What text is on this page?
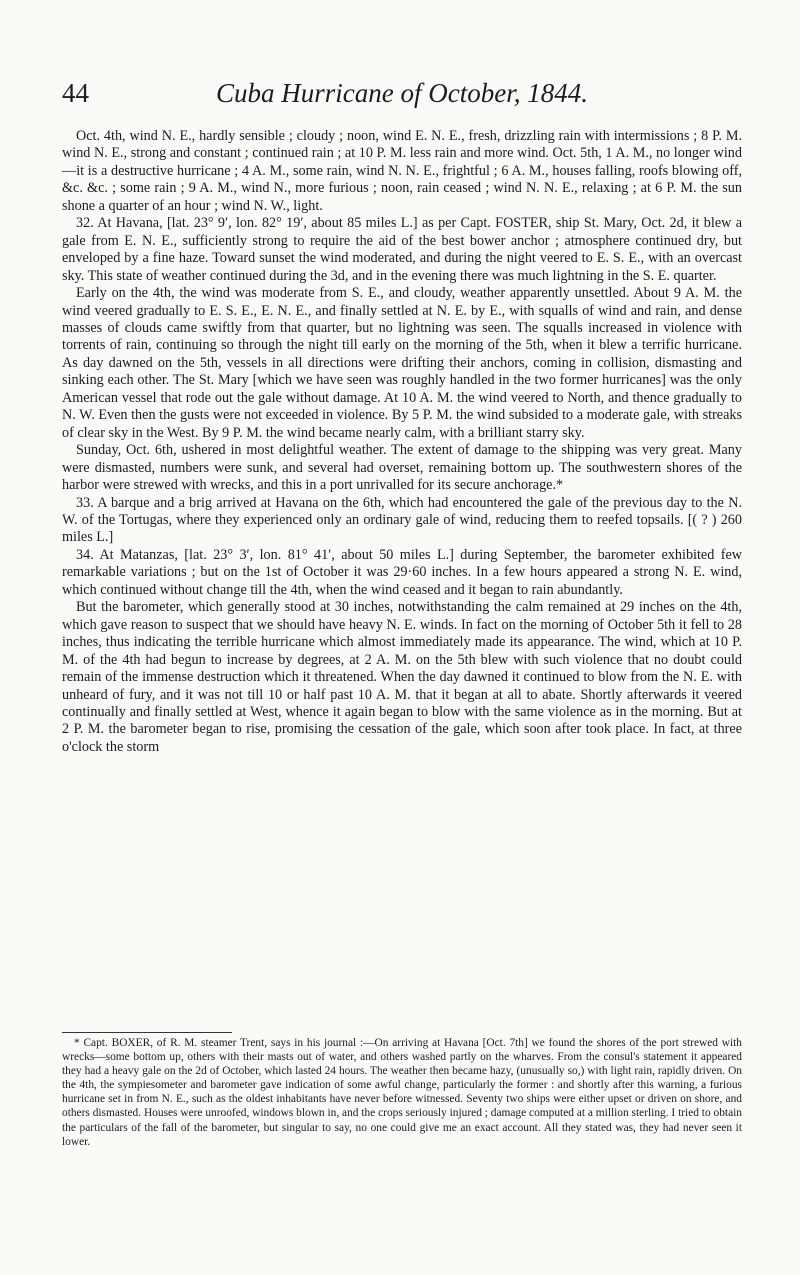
44	Cuba Hurricane of October, 1844.

Oct. 4th, wind N. E., hardly sensible ; cloudy ; noon, wind E. N. E., fresh, drizzling rain with intermissions ; 8 P. M. wind N. E., strong and constant ; continued rain ; at 10 P. M. less rain and more wind. Oct. 5th, 1 A. M., no longer wind—it is a destructive hurricane ; 4 A. M., some rain, wind N. N. E., frightful ; 6 A. M., houses falling, roofs blowing off, &c. &c. ; some rain ; 9 A. M., wind N., more furious ; noon, rain ceased ; wind N. N. E., relaxing ; at 6 P. M. the sun shone a quarter of an hour ; wind N. W., light.

32. At Havana, [lat. 23° 9′, lon. 82° 19′, about 85 miles L.] as per Capt. FOSTER, ship St. Mary, Oct. 2d, it blew a gale from E. N. E., sufficiently strong to require the aid of the best bower anchor ; atmosphere continued dry, but enveloped by a fine haze. Toward sunset the wind moderated, and during the night veered to E. S. E., with an overcast sky. This state of weather continued during the 3d, and in the evening there was much lightning in the S. E. quarter.

Early on the 4th, the wind was moderate from S. E., and cloudy, weather apparently unsettled. About 9 A. M. the wind veered gradually to E. S. E., E. N. E., and finally settled at N. E. by E., with squalls of wind and rain, and dense masses of clouds came swiftly from that quarter, but no lightning was seen. The squalls increased in violence with torrents of rain, continuing so through the night till early on the morning of the 5th, when it blew a terrific hurricane. As day dawned on the 5th, vessels in all directions were drifting their anchors, coming in collision, dismasting and sinking each other. The St. Mary [which we have seen was roughly handled in the two former hurricanes] was the only American vessel that rode out the gale without damage. At 10 A. M. the wind veered to North, and thence gradually to N. W. Even then the gusts were not exceeded in violence. By 5 P. M. the wind subsided to a moderate gale, with streaks of clear sky in the West. By 9 P. M. the wind became nearly calm, with a brilliant starry sky.

Sunday, Oct. 6th, ushered in most delightful weather. The extent of damage to the shipping was very great. Many were dismasted, numbers were sunk, and several had overset, remaining bottom up. The southwestern shores of the harbor were strewed with wrecks, and this in a port unrivalled for its secure anchorage.*

33. A barque and a brig arrived at Havana on the 6th, which had encountered the gale of the previous day to the N. W. of the Tortugas, where they experienced only an ordinary gale of wind, reducing them to reefed topsails. [( ? ) 260 miles L.]

34. At Matanzas, [lat. 23° 3′, lon. 81° 41′, about 50 miles L.] during September, the barometer exhibited few remarkable variations ; but on the 1st of October it was 29·60 inches. In a few hours appeared a strong N. E. wind, which continued without change till the 4th, when the wind ceased and it began to rain abundantly.

But the barometer, which generally stood at 30 inches, notwithstanding the calm remained at 29 inches on the 4th, which gave reason to suspect that we should have heavy N. E. winds. In fact on the morning of October 5th it fell to 28 inches, thus indicating the terrible hurricane which almost immediately made its appearance. The wind, which at 10 P. M. of the 4th had begun to increase by degrees, at 2 A. M. on the 5th blew with such violence that no doubt could remain of the immense destruction which it threatened. When the day dawned it continued to blow from the N. E. with unheard of fury, and it was not till 10 or half past 10 A. M. that it began at all to abate. Shortly afterwards it veered continually and finally settled at West, whence it again began to blow with the same violence as in the morning. But at 2 P. M. the barometer began to rise, promising the cessation of the gale, which soon after took place. In fact, at three o'clock the storm

* Capt. BOXER, of R. M. steamer Trent, says in his journal :—On arriving at Havana [Oct. 7th] we found the shores of the port strewed with wrecks—some bottom up, others with their masts out of water, and others washed partly on the wharves. From the consul's statement it appeared they had a heavy gale on the 2d of October, which lasted 24 hours. The weather then became hazy, (unusually so,) with light rain, rapidly driven. On the 4th, the sympiesometer and barometer gave indication of some awful change, particularly the former : and shortly after this warning, a furious hurricane set in from N. E., such as the oldest inhabitants have never before witnessed. Seventy two ships were either upset or driven on shore, and others dismasted. Houses were unroofed, windows blown in, and the crops seriously injured ; damage computed at a million sterling. I tried to obtain the particulars of the fall of the barometer, but singular to say, no one could give me an exact account. All they stated was, they had never seen it lower.
